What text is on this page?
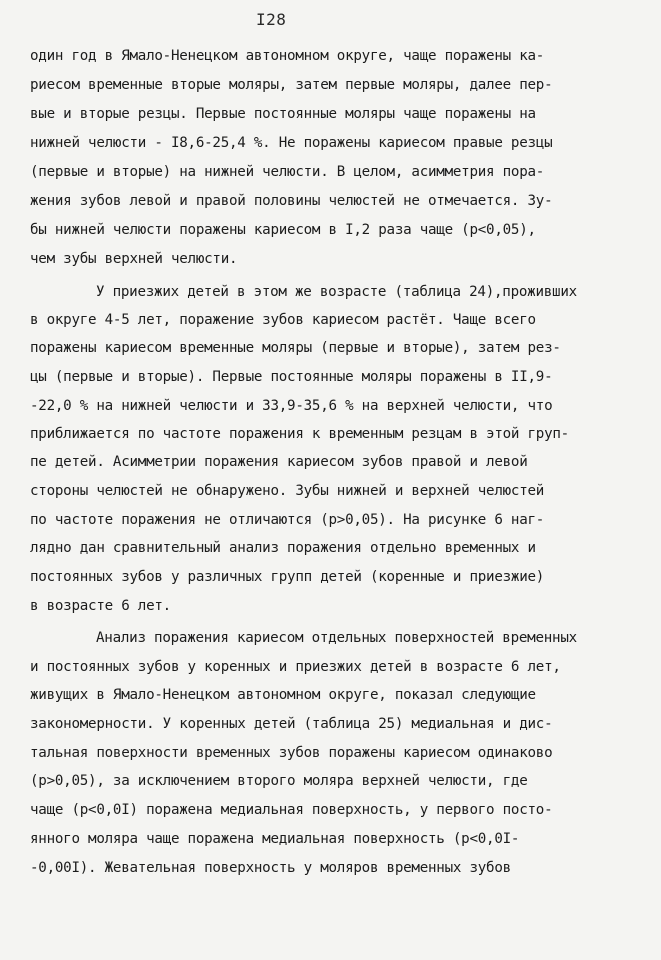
I28
один год в Ямало-Ненецком автономном округе, чаще поражены ка-
риесом временные вторые моляры, затем первые моляры, далее пер-
вые и вторые резцы. Первые постоянные моляры чаще поражены на
нижней челюсти - I8,6-25,4 %. Не поражены кариесом правые резцы
(первые и вторые) на нижней челюсти. В целом, асимметрия пора-
жения зубов левой и правой половины челюстей не отмечается. Зу-
бы нижней челюсти поражены кариесом в I,2 раза чаще (р<0,05),
чем зубы верхней челюсти.
У приезжих детей в этом же возрасте (таблица 24),проживших
в округе 4-5 лет, поражение зубов кариесом растёт. Чаще всего
поражены кариесом временные моляры (первые и вторые), затем рез-
цы (первые и вторые). Первые постоянные моляры поражены в II,9-
-22,0 % на нижней челюсти и 33,9-35,6 % на верхней челюсти, что
приближается по частоте поражения к временным резцам в этой груп-
пе детей. Асимметрии поражения кариесом зубов правой и левой
стороны челюстей не обнаружено. Зубы нижней и верхней челюстей
по частоте поражения не отличаются (р>0,05). На рисунке 6 наг-
лядно дан сравнительный анализ поражения отдельно временных и
постоянных зубов у различных групп детей (коренные и приезжие)
в возрасте 6 лет.
Анализ поражения кариесом отдельных поверхностей временных
и постоянных зубов у коренных и приезжих детей в возрасте 6 лет,
живущих в Ямало-Ненецком автономном округе, показал следующие
закономерности. У коренных детей (таблица 25) медиальная и дис-
тальная поверхности временных зубов поражены кариесом одинаково
(р>0,05), за исключением второго моляра верхней челюсти, где
чаще (р<0,0I) поражена медиальная поверхность, у первого посто-
янного моляра чаще поражена медиальная поверхность (р<0,0I-
-0,00I). Жевательная поверхность у моляров временных зубов
